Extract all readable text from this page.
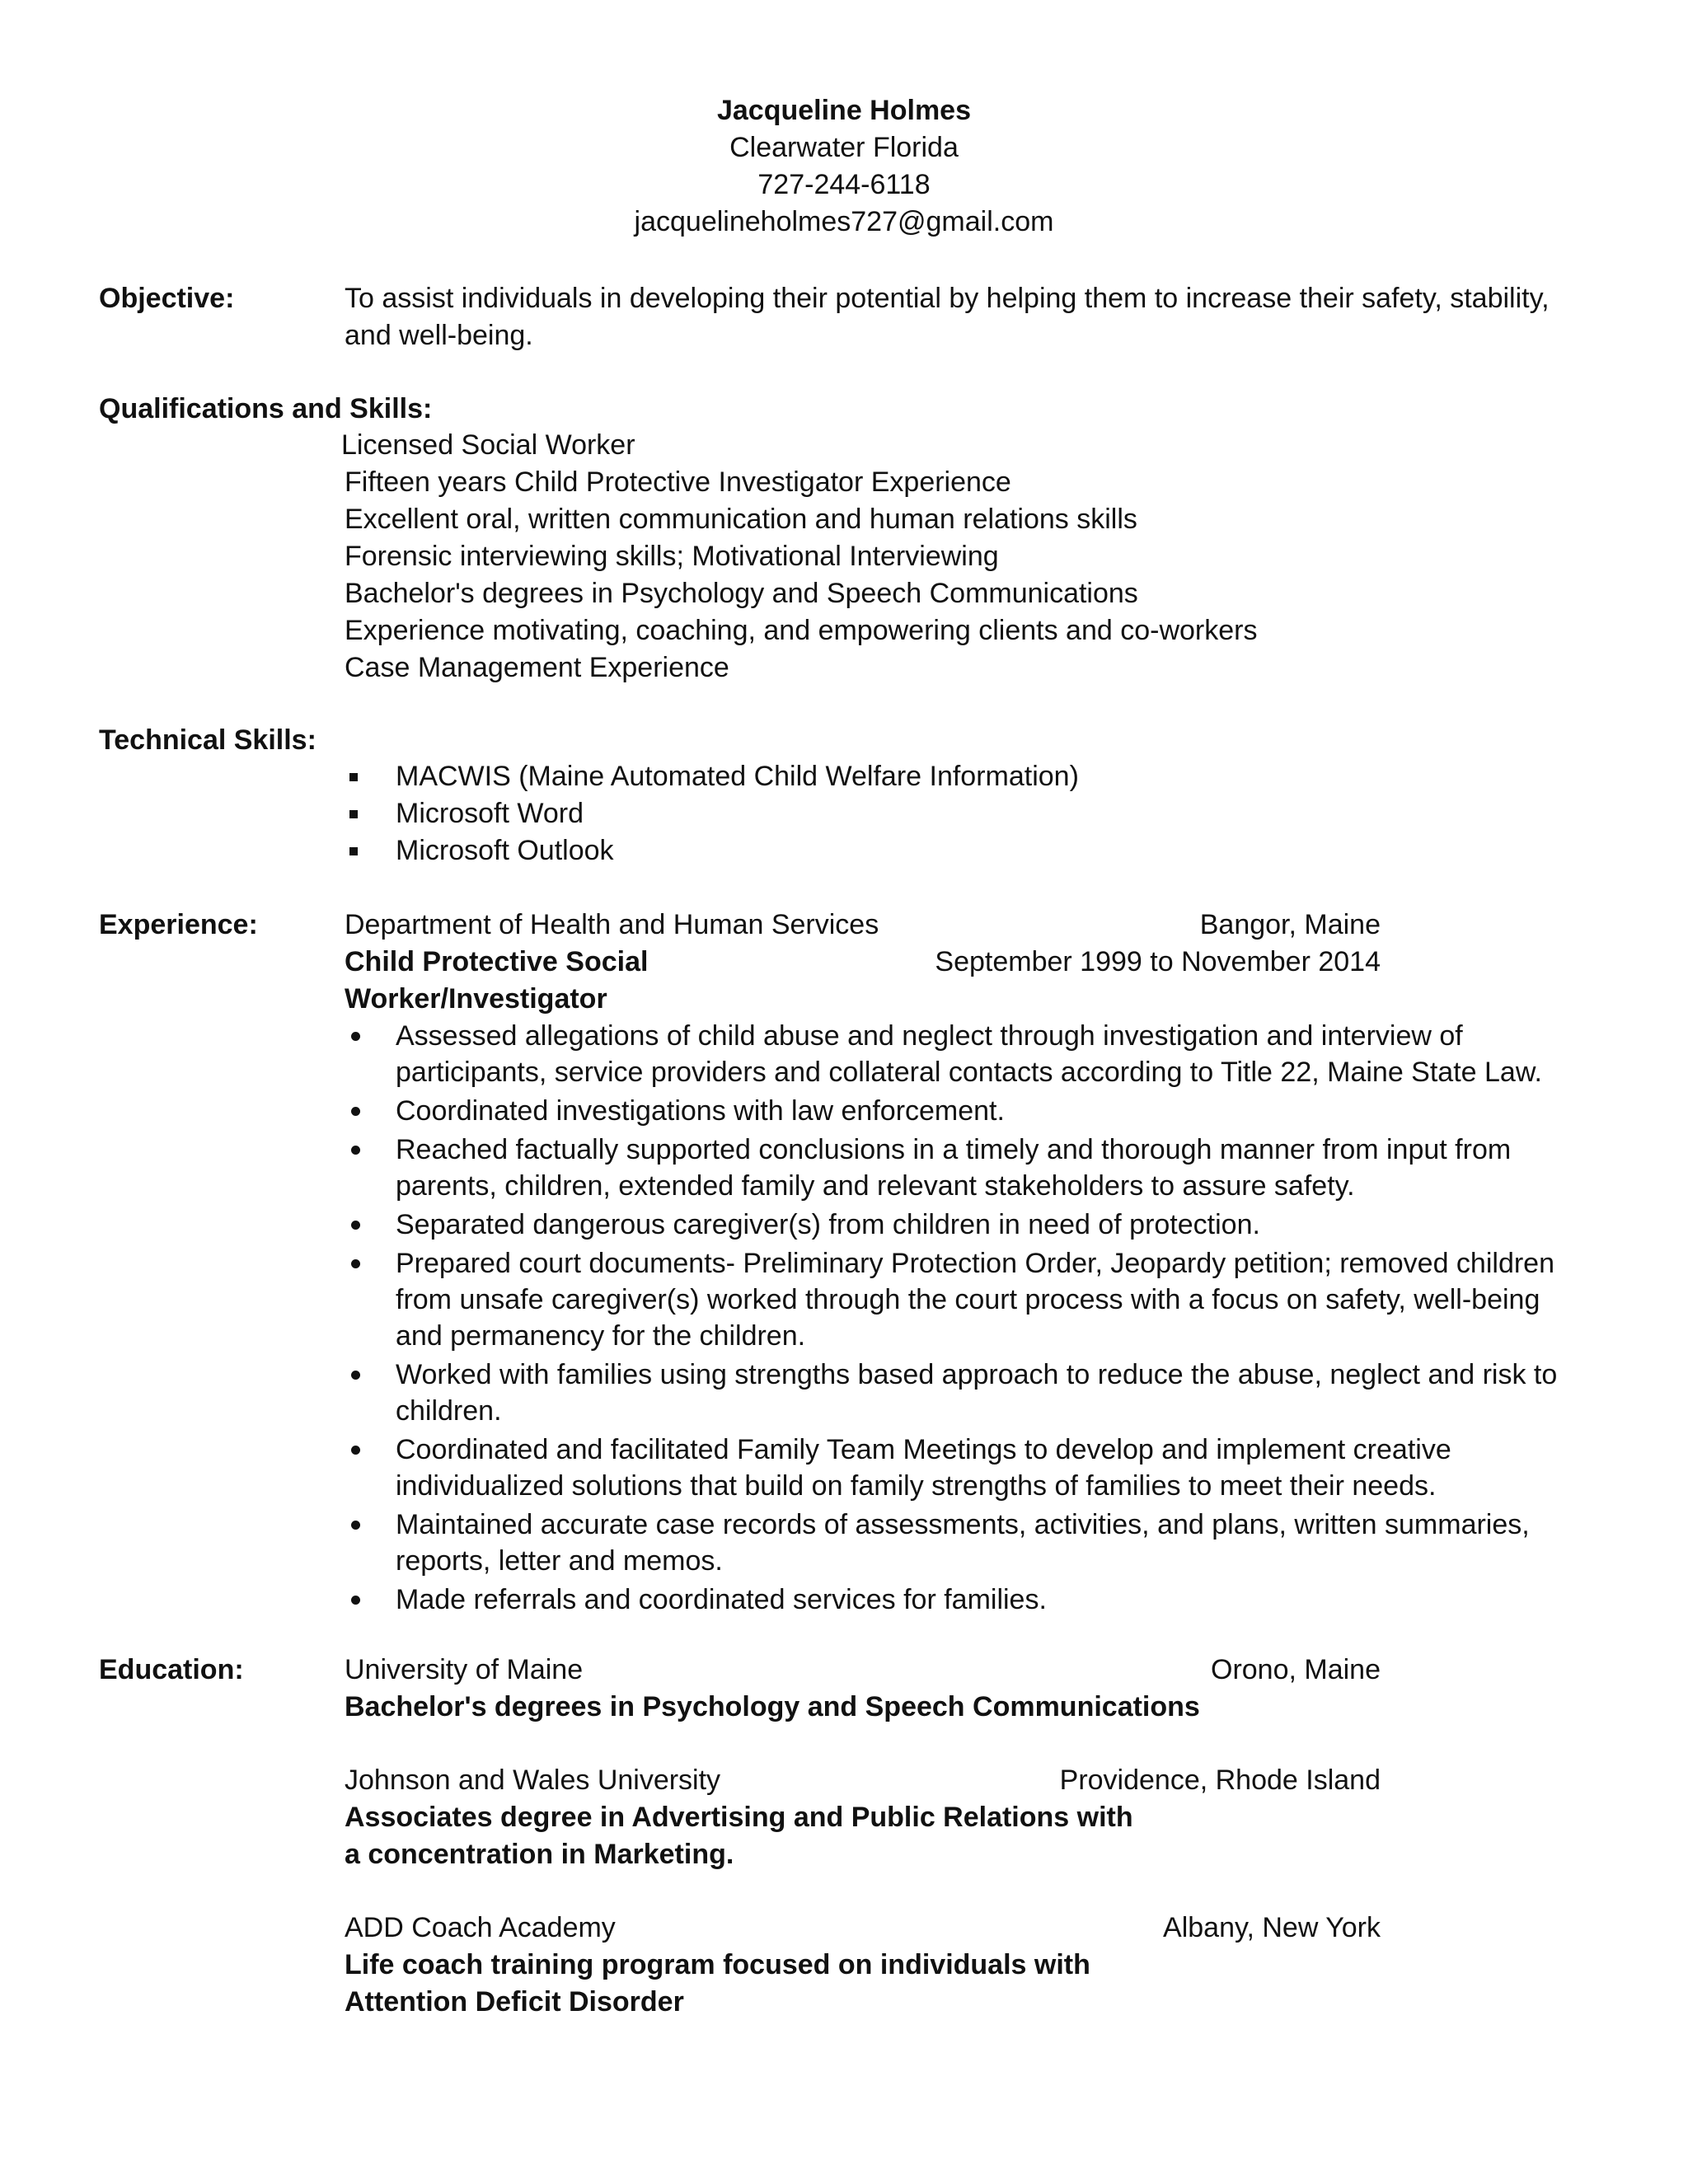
Jacqueline Holmes
Clearwater Florida
727-244-6118
jacquelineholmes727@gmail.com
Objective:	To assist individuals in developing their potential by helping them to increase their safety, stability, and well-being.
Qualifications and Skills:
Licensed Social Worker
Fifteen years Child Protective Investigator Experience
Excellent oral, written communication and human relations skills
Forensic interviewing skills; Motivational Interviewing
Bachelor's degrees in Psychology and Speech Communications
Experience motivating, coaching, and empowering clients and co-workers
Case Management Experience
Technical Skills:
MACWIS (Maine Automated Child Welfare Information)
Microsoft Word
Microsoft Outlook
Experience:	Department of Health and Human Services	Bangor, Maine
Child Protective Social	September 1999 to November 2014
Worker/Investigator
Assessed allegations of child abuse and neglect through investigation and interview of participants, service providers and collateral contacts according to Title 22, Maine State Law.
Coordinated investigations with law enforcement.
Reached factually supported conclusions in a timely and thorough manner from input from parents, children, extended family and relevant stakeholders to assure safety.
Separated dangerous caregiver(s) from children in need of protection.
Prepared court documents- Preliminary Protection Order, Jeopardy petition; removed children from unsafe caregiver(s) worked through the court process with a focus on safety, well-being and permanency for the children.
Worked with families using strengths based approach to reduce the abuse, neglect and risk to children.
Coordinated and facilitated Family Team Meetings to develop and implement creative individualized solutions that build on family strengths of families to meet their needs.
Maintained accurate case records of assessments, activities, and plans, written summaries, reports, letter and memos.
Made referrals and coordinated services for families.
Education:	University of Maine	Orono, Maine
Bachelor's degrees in Psychology and Speech Communications
Johnson and Wales University	Providence, Rhode Island
Associates degree in Advertising and Public Relations with
a concentration in Marketing.
ADD Coach Academy	Albany, New York
Life coach training program focused on individuals with
Attention Deficit Disorder
